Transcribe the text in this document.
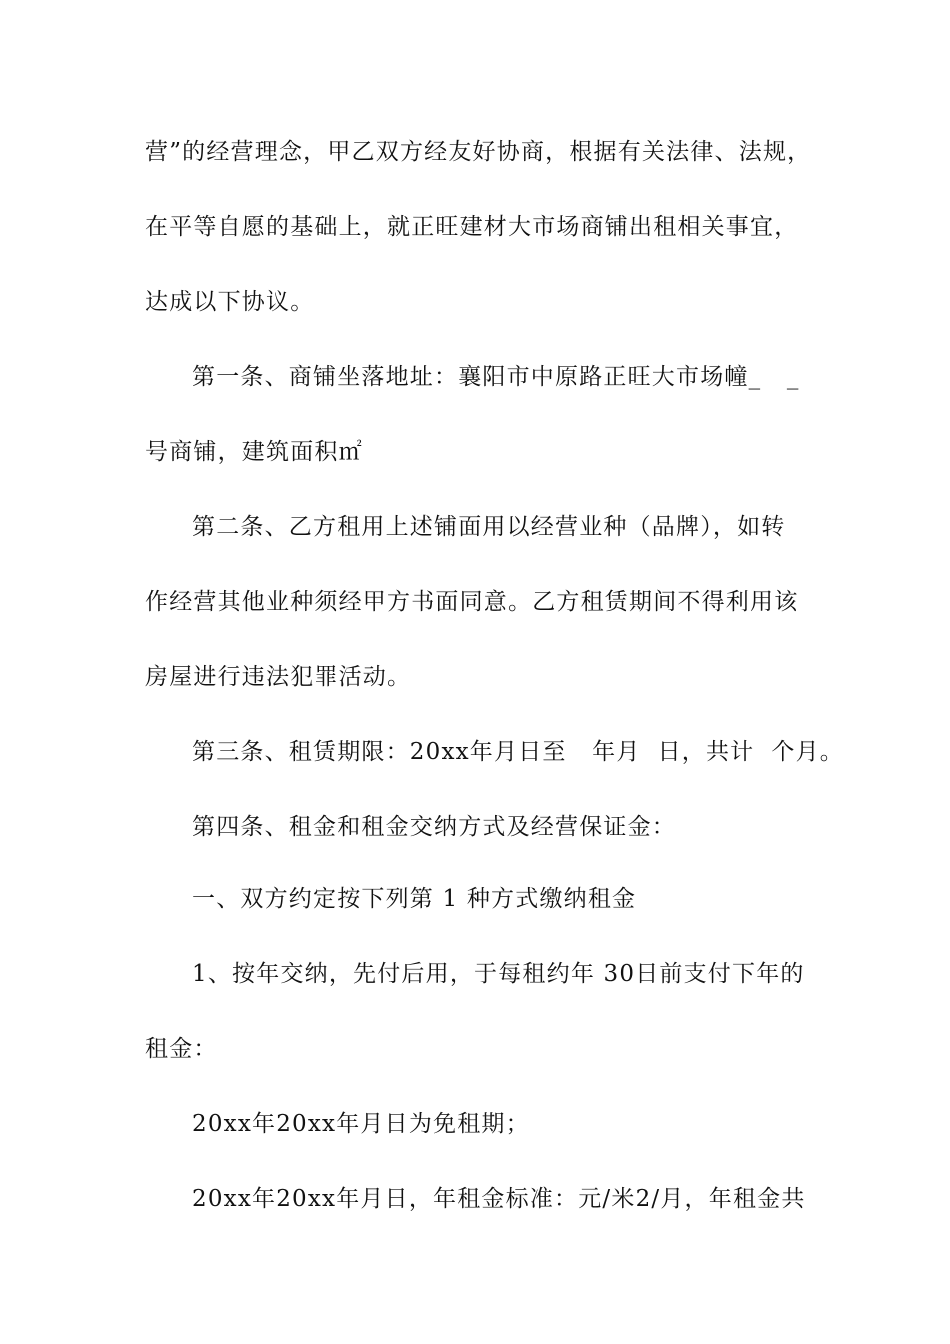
营”的经营理念，甲乙双方经友好协商，根据有关法律、法规，
在平等自愿的基础上，就正旺建材大市场商铺出租相关事宜，
达成以下协议。
第一条、商铺坐落地址：襄阳市中原路正旺大市场幢_   _
号商铺，建筑面积㎡
第二条、乙方租用上述铺面用以经营业种（品牌），如转
作经营其他业种须经甲方书面同意。乙方租赁期间不得利用该
房屋进行违法犯罪活动。
第三条、租赁期限：20xx年月日至   年月  日，共计  个月。
第四条、租金和租金交纳方式及经营保证金：
一、双方约定按下列第 1 种方式缴纳租金
1、按年交纳，先付后用，于每租约年 30日前支付下年的
租金：
20xx年20xx年月日为免租期；
20xx年20xx年月日，年租金标准：元/米2/月，年租金共
